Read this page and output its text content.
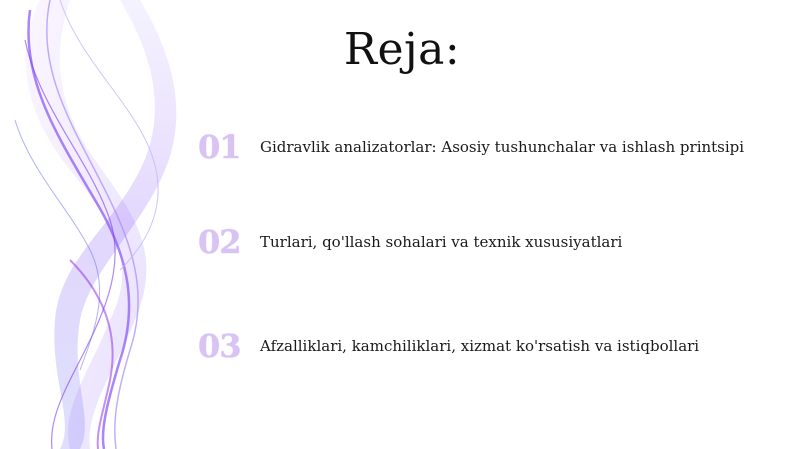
Reja:
01	Gidravlik analizatorlar: Asosiy tushunchalar va ishlash printsipi
02	Turlari, qo'llash sohalari va texnik xususiyatlari
03	Afzalliklari, kamchiliklari, xizmat ko'rsatish va istiqbollari
